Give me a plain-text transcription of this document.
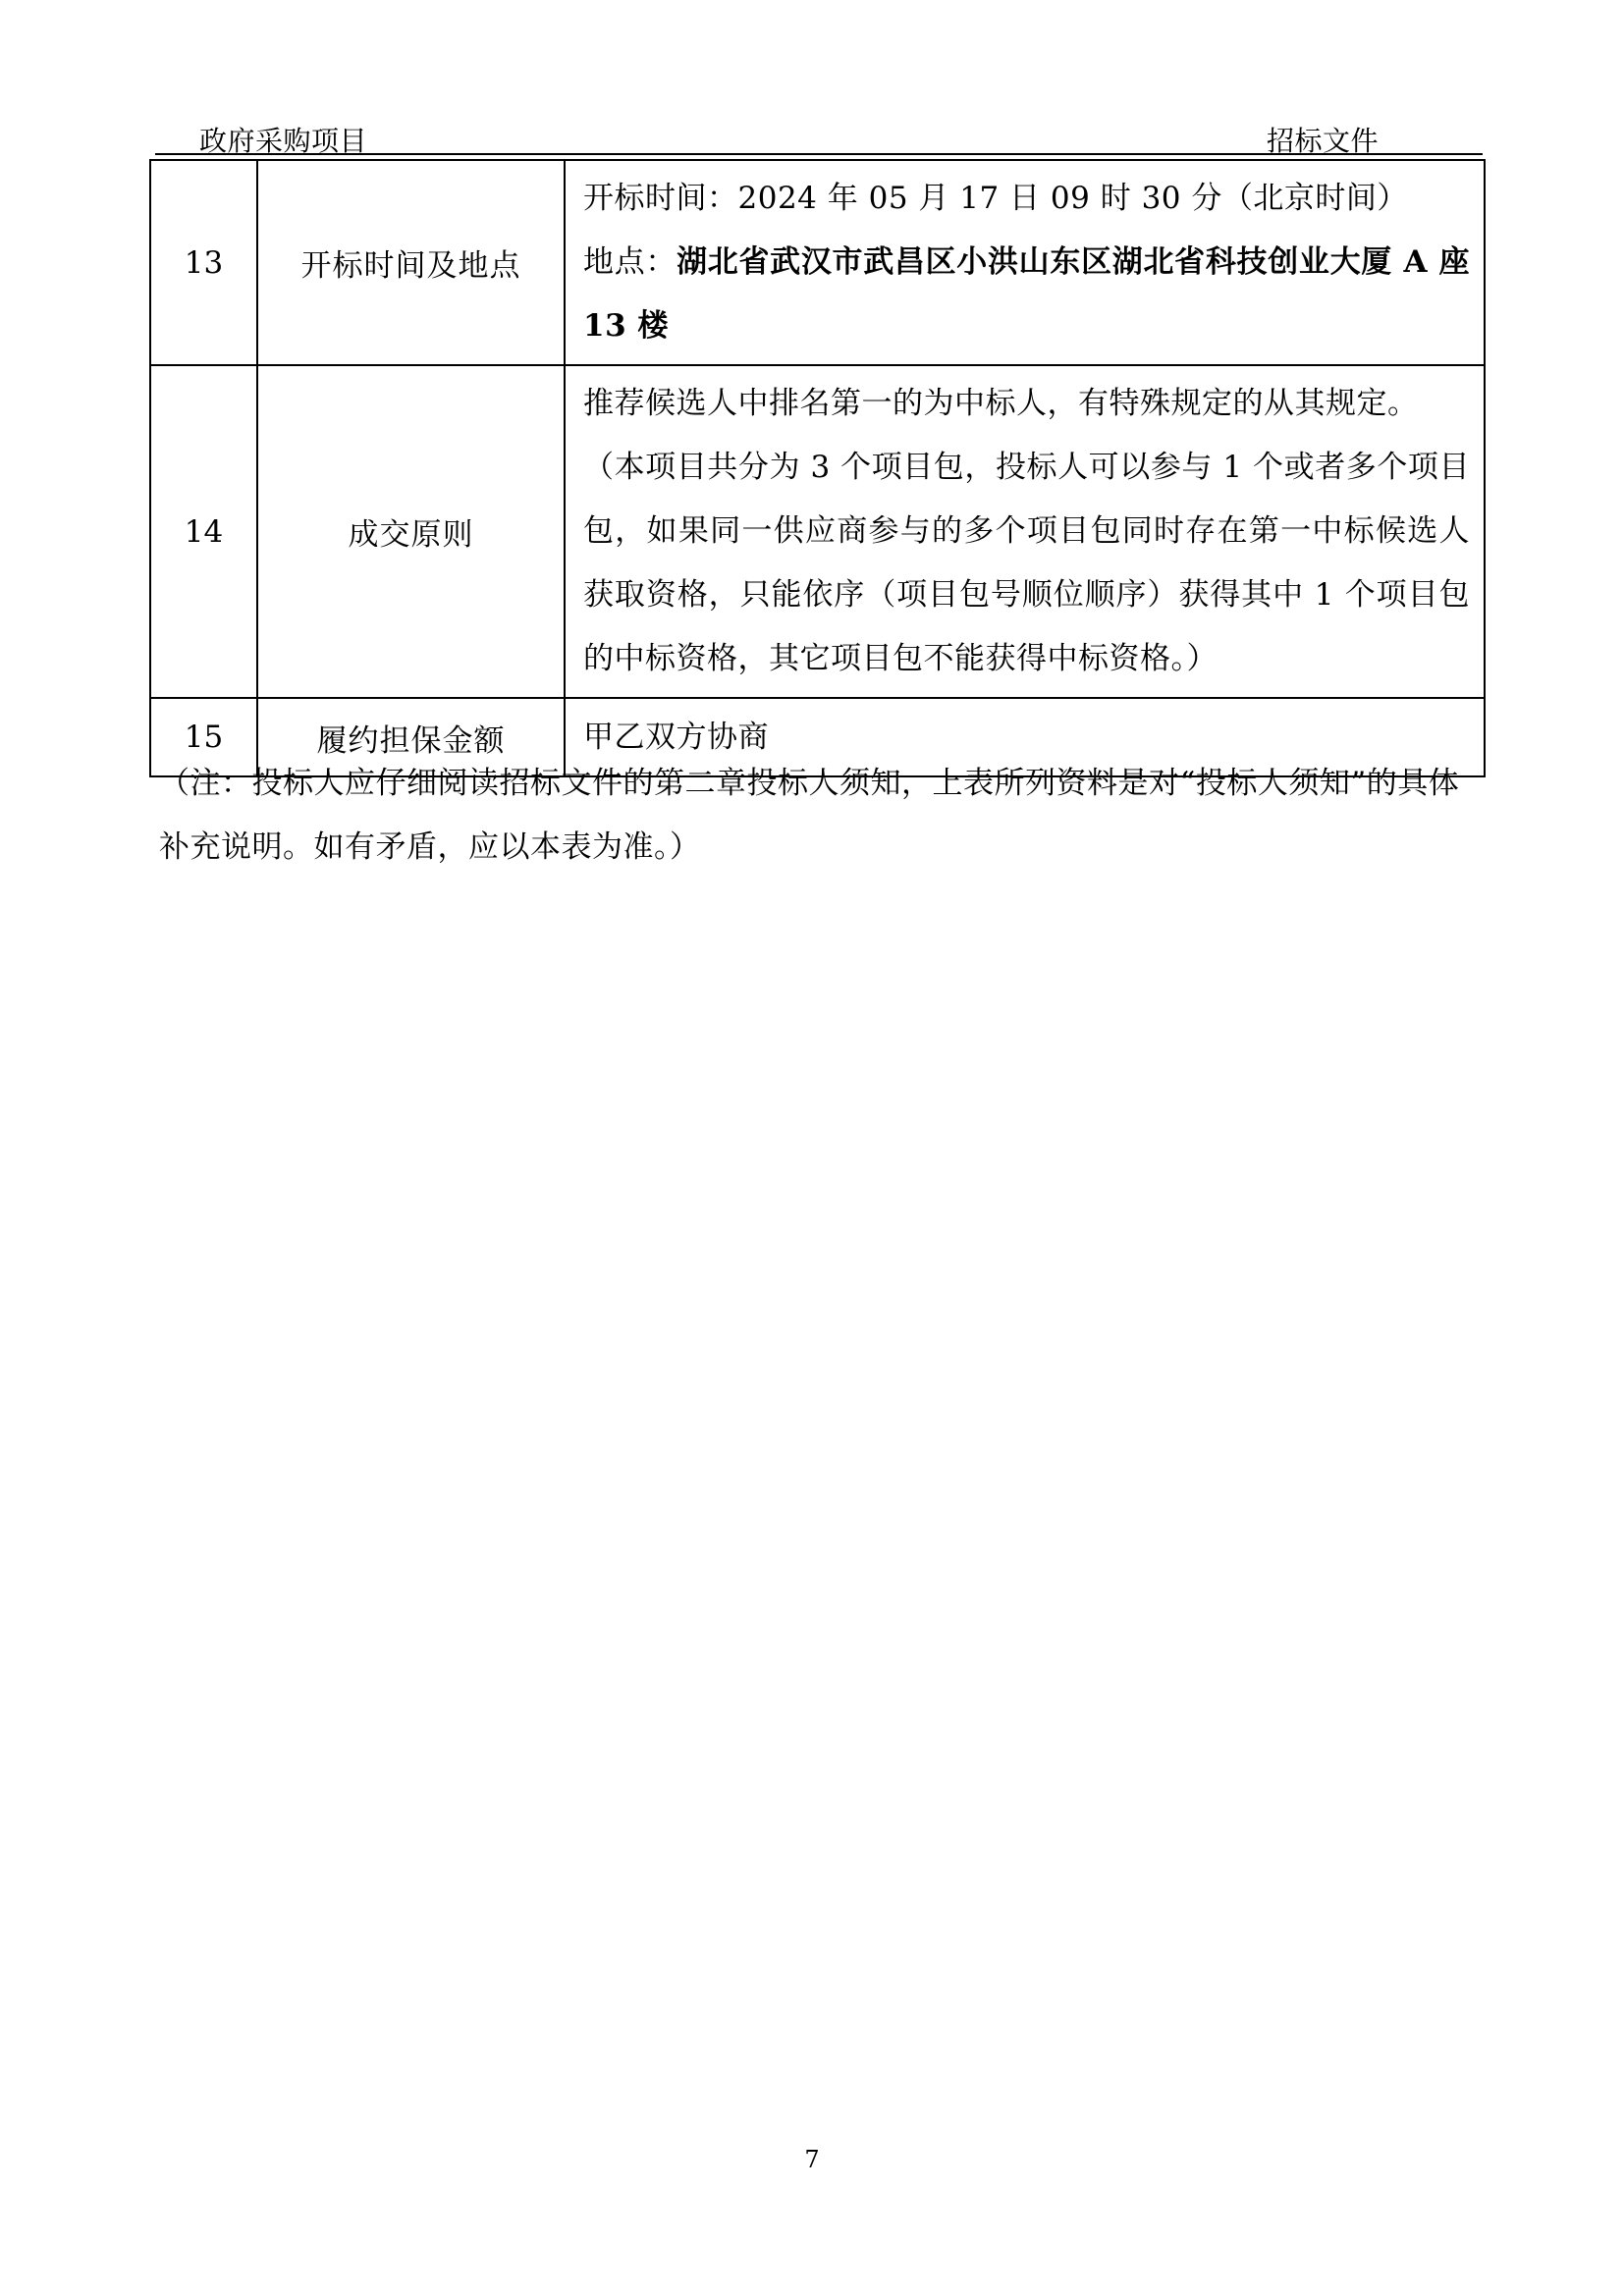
政府采购项目	招标文件
13	开标时间及地点	开标时间：2024 年 05 月 17 日 09 时 30 分（北京时间）
地点：湖北省武汉市武昌区小洪山东区湖北省科技创业大厦 A 座 13 楼
14	成交原则	推荐候选人中排名第一的为中标人，有特殊规定的从其规定。
（本项目共分为 3 个项目包，投标人可以参与 1 个或者多个项目包，如果同一供应商参与的多个项目包同时存在第一中标候选人获取资格，只能依序（项目包号顺位顺序）获得其中 1 个项目包的中标资格，其它项目包不能获得中标资格。）

15	履约担保金额	甲乙双方协商
（注：投标人应仔细阅读招标文件的第二章投标人须知，上表所列资料是对“投标人须知”的具体补充说明。如有矛盾，应以本表为准。）
7
